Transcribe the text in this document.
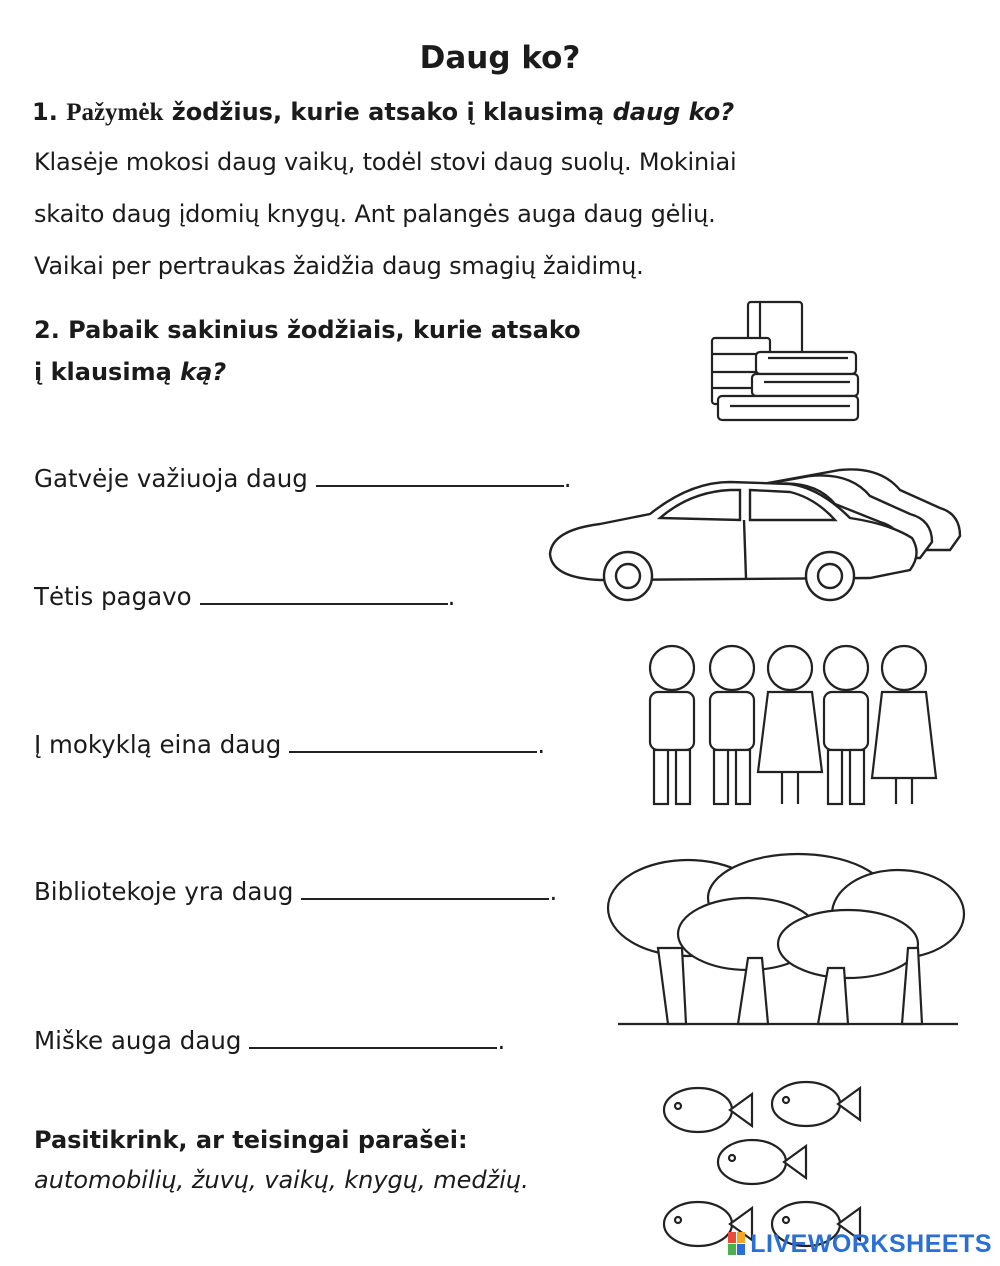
Daug ko?
1. Pažymėk žodžius, kurie atsako į klausimą daug ko?
Klasėje mokosi daug vaikų, todėl stovi daug suolų. Mokiniai
skaito daug įdomių knygų. Ant palangės auga daug gėlių.
Vaikai per pertraukas žaidžia daug smagių žaidimų.
2. Pabaik sakinius žodžiais, kurie atsako
į klausimą ką?
Gatvėje važiuoja daug	.
Tėtis pagavo	.
Į mokyklą eina daug	.
Bibliotekoje yra daug	.
Miške auga daug	.
Pasitikrink, ar teisingai parašei:
automobilių, žuvų, vaikų, knygų, medžių.
LIVEWORKSHEETS
